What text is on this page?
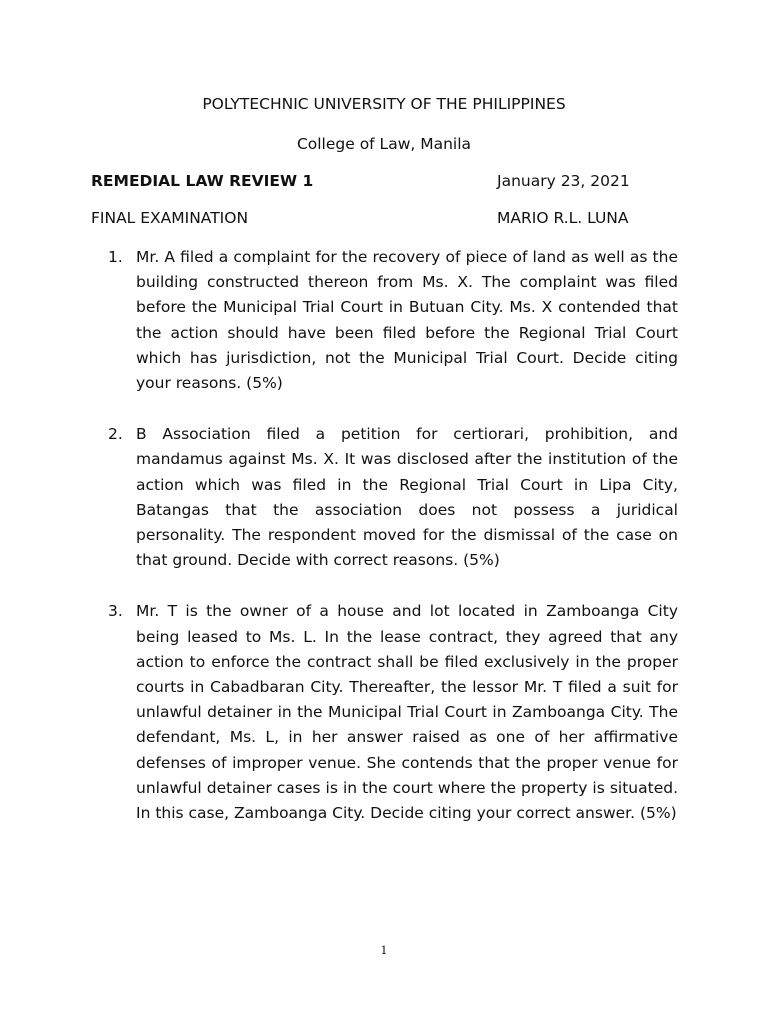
POLYTECHNIC UNIVERSITY OF THE PHILIPPINES
College of Law, Manila
REMEDIAL LAW REVIEW 1	January 23, 2021
FINAL EXAMINATION	MARIO R.L. LUNA
1. Mr. A filed a complaint for the recovery of piece of land as well as the building constructed thereon from Ms. X. The complaint was filed before the Municipal Trial Court in Butuan City. Ms. X contended that the action should have been filed before the Regional Trial Court which has jurisdiction, not the Municipal Trial Court. Decide citing your reasons. (5%)
2. B Association filed a petition for certiorari, prohibition, and mandamus against Ms. X. It was disclosed after the institution of the action which was filed in the Regional Trial Court in Lipa City, Batangas that the association does not possess a juridical personality. The respondent moved for the dismissal of the case on that ground. Decide with correct reasons. (5%)
3. Mr. T is the owner of a house and lot located in Zamboanga City being leased to Ms. L. In the lease contract, they agreed that any action to enforce the contract shall be filed exclusively in the proper courts in Cabadbaran City. Thereafter, the lessor Mr. T filed a suit for unlawful detainer in the Municipal Trial Court in Zamboanga City. The defendant, Ms. L, in her answer raised as one of her affirmative defenses of improper venue. She contends that the proper venue for unlawful detainer cases is in the court where the property is situated. In this case, Zamboanga City. Decide citing your correct answer. (5%)
1
